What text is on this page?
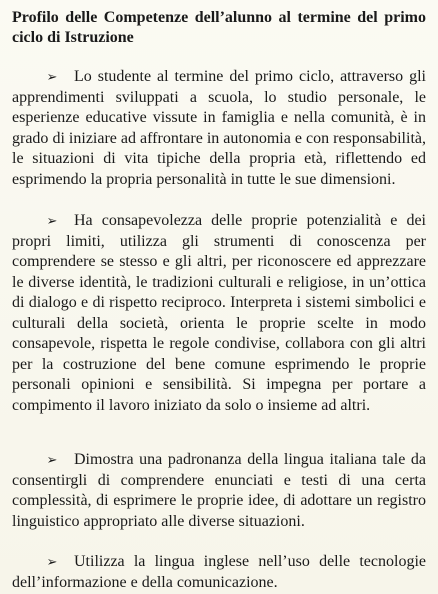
Profilo delle Competenze dell’alunno al termine del primo ciclo di Istruzione

➢ Lo studente al termine del primo ciclo, attraverso gli apprendimenti sviluppati a scuola, lo studio personale, le esperienze educative vissute in famiglia e nella comunità, è in grado di iniziare ad affrontare in autonomia e con responsabilità, le situazioni di vita tipiche della propria età, riflettendo ed esprimendo la propria personalità in tutte le sue dimensioni.

➢ Ha consapevolezza delle proprie potenzialità e dei propri limiti, utilizza gli strumenti di conoscenza per comprendere se stesso e gli altri, per riconoscere ed apprezzare le diverse identità, le tradizioni culturali e religiose, in un’ottica di dialogo e di rispetto reciproco. Interpreta i sistemi simbolici e culturali della società, orienta le proprie scelte in modo consapevole, rispetta le regole condivise, collabora con gli altri per la costruzione del bene comune esprimendo le proprie personali opinioni e sensibilità. Si impegna per portare a compimento il lavoro iniziato da solo o insieme ad altri.

➢ Dimostra una padronanza della lingua italiana tale da consentirgli di comprendere enunciati e testi di una certa complessità, di esprimere le proprie idee, di adottare un registro linguistico appropriato alle diverse situazioni.

➢ Utilizza la lingua inglese nell’uso delle tecnologie dell’informazione e della comunicazione.
